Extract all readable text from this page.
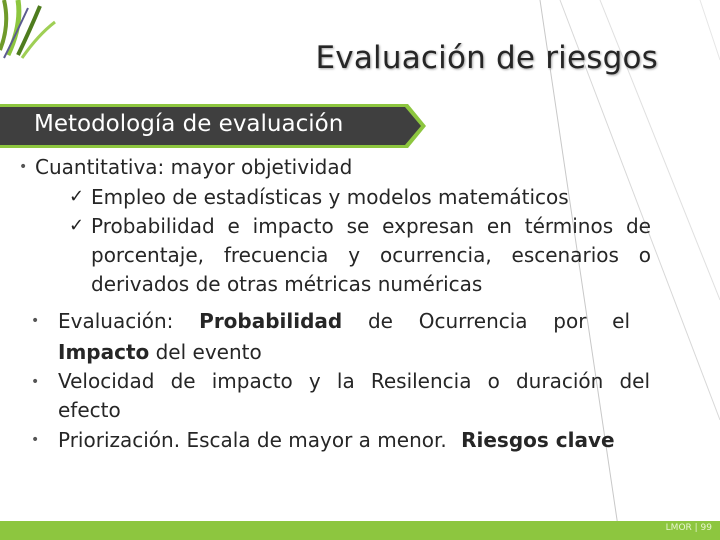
Evaluación de riesgos
Metodología de evaluación
• Cuantitativa: mayor objetividad
✓ Empleo de estadísticas y modelos matemáticos
✓ Probabilidad e impacto se expresan en términos de
porcentaje, frecuencia y ocurrencia, escenarios o
derivados de otras métricas numéricas
• Evaluación: Probabilidad de Ocurrencia por el
Impacto del evento
• Velocidad de impacto y la Resilencia o duración del
efecto
• Priorización. Escala de mayor a menor. Riesgos clave
LMOR | 99
